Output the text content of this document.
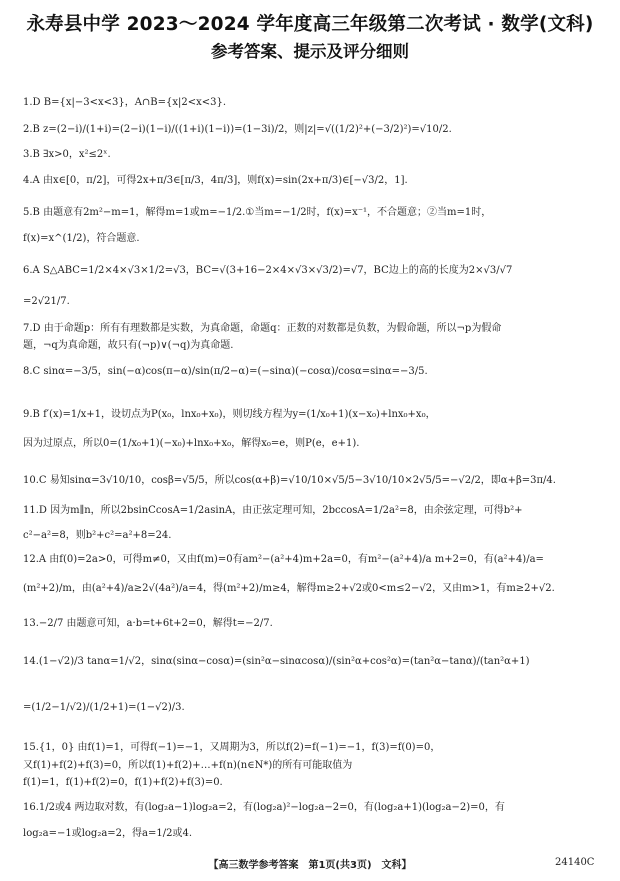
永寿县中学 2023～2024 学年度高三年级第二次考试 · 数学(文科)
参考答案、提示及评分细则
1.D B={x|−3<x<3}，A∩B={x|2<x<3}.
2.B z=(2−i)/(1+i)=(2−i)(1−i)/((1+i)(1−i))=(1−3i)/2，则|z|=√((1/2)²+(−3/2)²)=√10/2.
3.B ∃x>0，x²≤2ˣ.
4.A 由x∈[0，π/2]，可得2x+π/3∈[π/3，4π/3]，则f(x)=sin(2x+π/3)∈[−√3/2，1].
5.B 由题意有2m²−m=1，解得m=1或m=−1/2.①当m=−1/2时，f(x)=x⁻¹，不合题意；②当m=1时，
f(x)=x^(1/2)，符合题意.
6.A S△ABC=1/2×4×√3×1/2=√3，BC=√(3+16−2×4×√3×√3/2)=√7，BC边上的高的长度为2×√3/√7
=2√21/7.
7.D 由于命题p：所有有理数都是实数，为真命题，命题q：正数的对数都是负数，为假命题，所以¬p为假命
题，¬q为真命题，故只有(¬p)∨(¬q)为真命题.
8.C sinα=−3/5，sin(−α)cos(π−α)/sin(π/2−α)=(−sinα)(−cosα)/cosα=sinα=−3/5.
9.B f′(x)=1/x+1，设切点为P(x₀，lnx₀+x₀)，则切线方程为y=(1/x₀+1)(x−x₀)+lnx₀+x₀，
因为过原点，所以0=(1/x₀+1)(−x₀)+lnx₀+x₀，解得x₀=e，则P(e，e+1).
10.C 易知sinα=3√10/10，cosβ=√5/5，所以cos(α+β)=√10/10×√5/5−3√10/10×2√5/5=−√2/2，即α+β=3π/4.
11.D 因为m∥n，所以2bsinCcosA=1/2asinA，由正弦定理可知，2bccosA=1/2a²=8，由余弦定理，可得b²+
c²−a²=8，则b²+c²=a²+8=24.
12.A 由f(0)=2a>0，可得m≠0，又由f(m)=0有am²−(a²+4)m+2a=0，有m²−(a²+4)/a m+2=0，有(a²+4)/a=
(m²+2)/m，由(a²+4)/a≥2√(4a²)/a=4，得(m²+2)/m≥4，解得m≥2+√2或0<m≤2−√2，又由m>1，有m≥2+√2.
13.−2/7 由题意可知，a·b=t+6t+2=0，解得t=−2/7.
14.(1−√2)/3 tanα=1/√2，sinα(sinα−cosα)=(sin²α−sinαcosα)/(sin²α+cos²α)=(tan²α−tanα)/(tan²α+1)
=(1/2−1/√2)/(1/2+1)=(1−√2)/3.
15.{1，0} 由f(1)=1，可得f(−1)=−1，又周期为3，所以f(2)=f(−1)=−1，f(3)=f(0)=0，
又f(1)+f(2)+f(3)=0，所以f(1)+f(2)+…+f(n)(n∈N*)的所有可能取值为
f(1)=1，f(1)+f(2)=0，f(1)+f(2)+f(3)=0.
16.1/2或4 两边取对数，有(log₂a−1)log₂a=2，有(log₂a)²−log₂a−2=0，有(log₂a+1)(log₂a−2)=0，有
log₂a=−1或log₂a=2，得a=1/2或4.
【高三数学参考答案　第1页(共3页)　文科】	24140C
